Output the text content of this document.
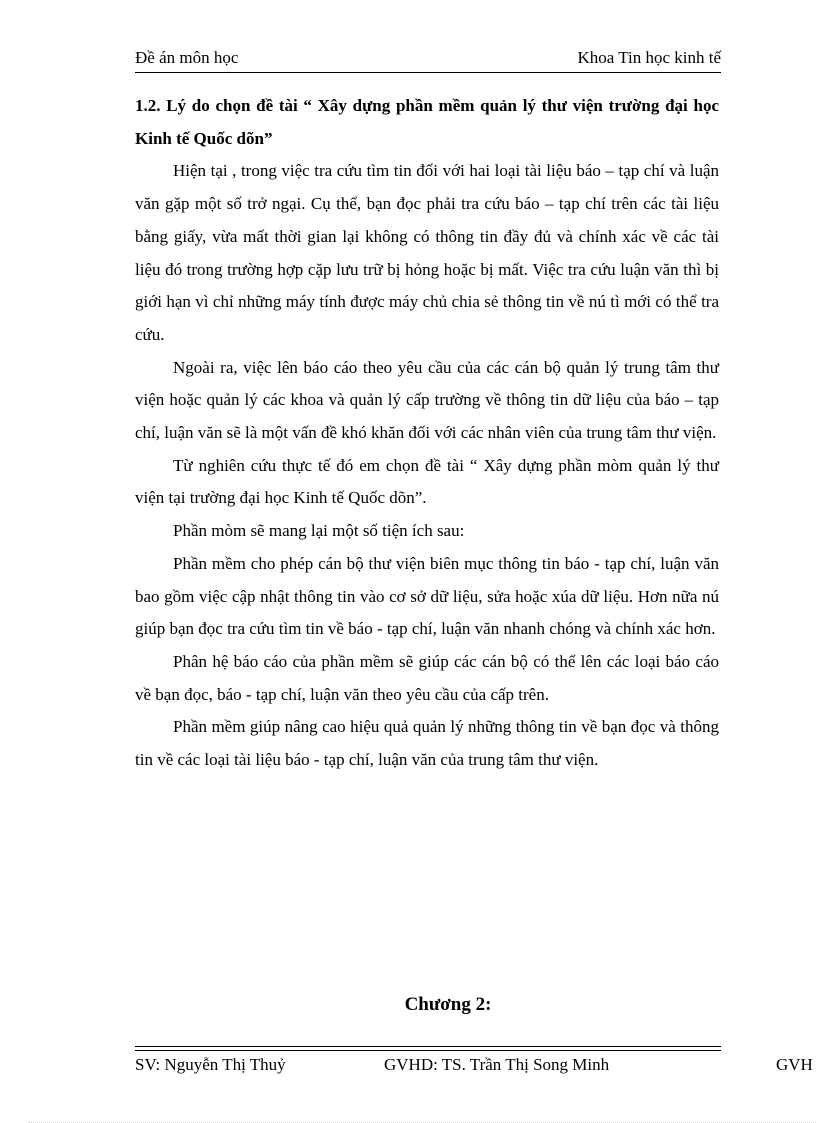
Đề án môn học	Khoa Tin học kinh tế

1.2. Lý do chọn đề tài “ Xây dựng phần mềm quản lý thư viện trường đại học Kinh tế Quốc dõn”

Hiện tại , trong việc tra cứu tìm tin đối với hai loại tài liệu báo – tạp chí và luận văn gặp một số trở ngại. Cụ thể, bạn đọc phải tra cứu báo – tạp chí trên các tài liệu bằng giấy, vừa mất thời gian lại không có thông tin đầy đủ và chính xác về các tài liệu đó trong trường hợp cặp lưu trữ bị hỏng hoặc bị mất. Việc tra cứu luận văn thì bị giới hạn vì chỉ những máy tính được máy chủ chia sẻ thông tin về nú tì mới có thể tra cứu.

Ngoài ra, việc lên báo cáo theo yêu cầu của các cán bộ quản lý trung tâm thư viện hoặc quản lý các khoa và quản lý cấp trường về thông tin dữ liệu của báo – tạp chí, luận văn sẽ là một vấn đề khó khăn đối với các nhân viên của trung tâm thư viện.

Từ nghiên cứu thực tế đó em chọn đề tài “ Xây dựng phần mòm quản lý thư viện tại trường đại học Kinh tế Quốc dõn”.

Phần mòm sẽ mang lại một số tiện ích sau:

Phần mềm cho phép cán bộ thư viện biên mục thông tin báo - tạp chí, luận văn bao gồm việc cập nhật thông tin vào cơ sở dữ liệu, sửa hoặc xúa dữ liệu. Hơn nữa nú giúp bạn đọc tra cứu tìm tin về báo - tạp chí, luận văn nhanh chóng và chính xác hơn.

Phân hệ báo cáo của phần mềm sẽ giúp các cán bộ có thể lên các loại báo cáo về bạn đọc, báo - tạp chí, luận văn theo yêu cầu của cấp trên.

Phần mềm giúp nâng cao hiệu quả quản lý những thông tin về bạn đọc và thông tin về các loại tài liệu báo - tạp chí, luận văn của trung tâm thư viện.

Chương 2:
SV: Nguyễn Thị Thuỷ	GVHD: TS. Trần Thị Song Minh	GVH
